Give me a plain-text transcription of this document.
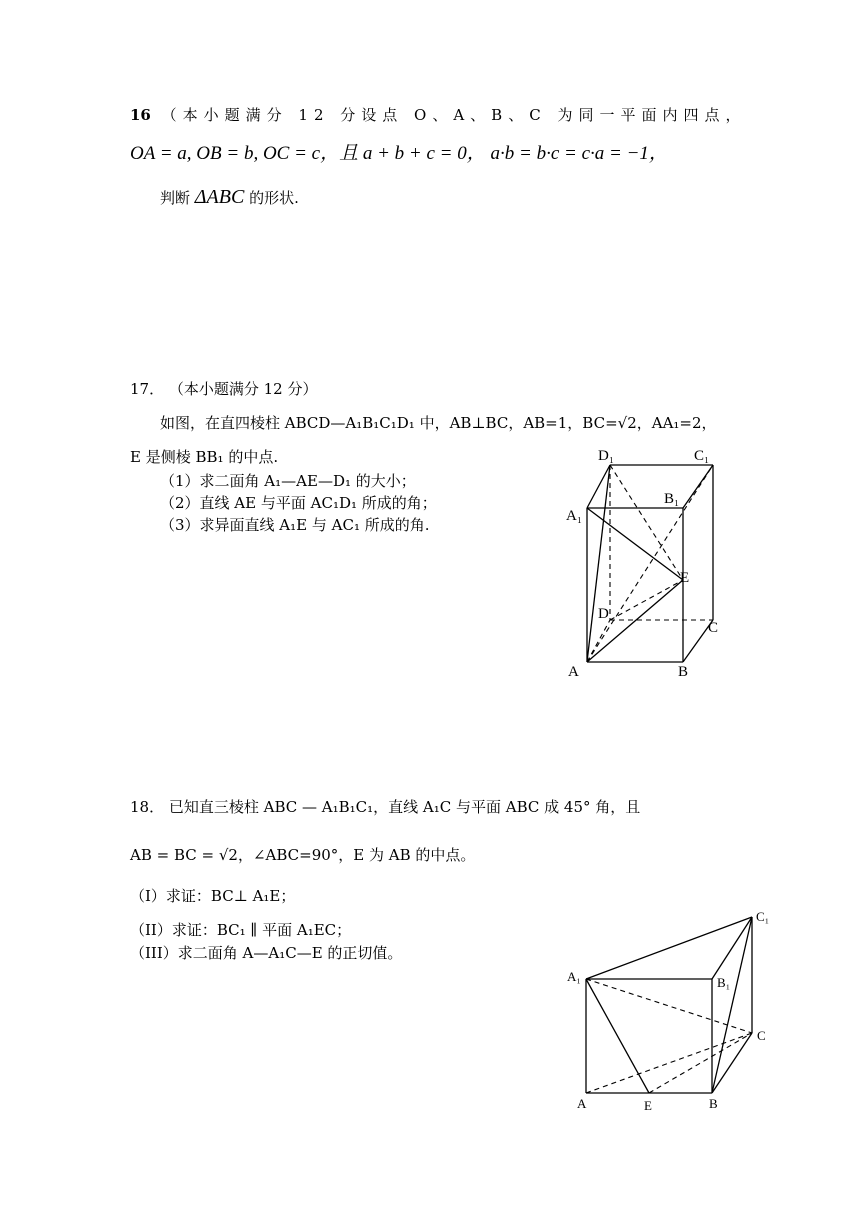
16 （本小题满分 12 分设点 O、A、B、C 为同一平面内四点，
OA = a, OB = b, OC = c，且 a + b + c = 0， a·b = b·c = c·a = −1，
判断 ΔABC 的形状.
17． （本小题满分 12 分）
如图，在直四棱柱 ABCD—A₁B₁C₁D₁ 中，AB⊥BC，AB=1，BC=√2，AA₁=2，
E 是侧棱 BB₁ 的中点.
（1）求二面角 A₁—AE—D₁ 的大小；
（2）直线 AE 与平面 AC₁D₁ 所成的角；
（3）求异面直线 A₁E 与 AC₁ 所成的角.
D₁	C₁
B₁
A₁
E
D
C
A	B
18． 已知直三棱柱 ABC — A₁B₁C₁，直线 A₁C 与平面 ABC 成 45° 角，且
AB = BC = √2，∠ABC=90°，E 为 AB 的中点。
（I）求证：BC⊥ A₁E；
（II）求证：BC₁ ∥ 平面 A₁EC；
（III）求二面角 A—A₁C—E 的正切值。
C₁
A₁	B₁
C
A	E	B
